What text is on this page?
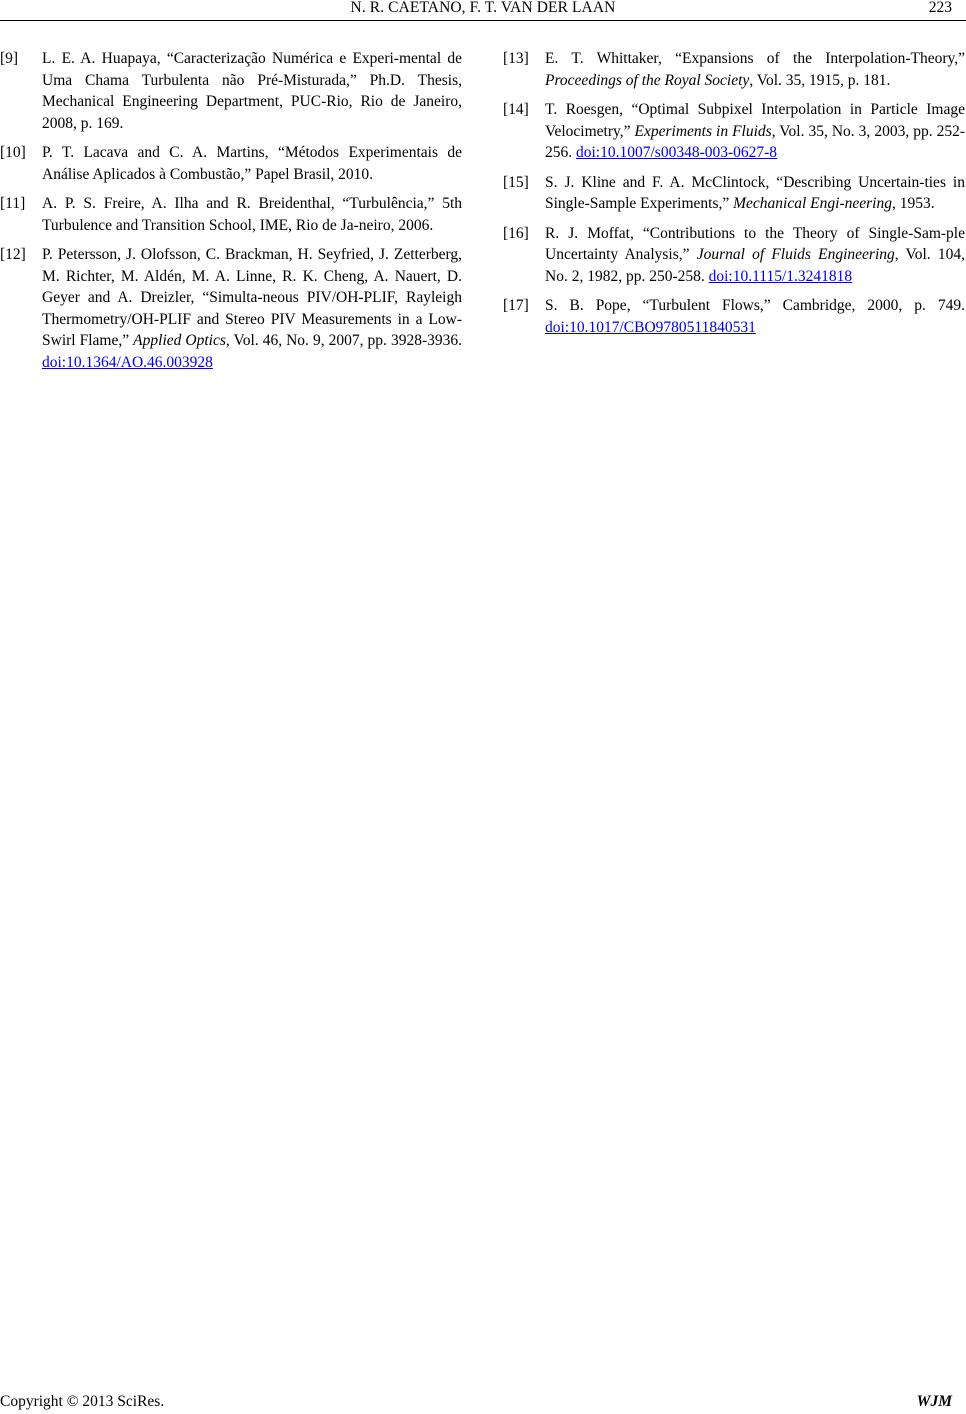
N. R. CAETANO, F. T. VAN DER LAAN	223
[9] L. E. A. Huapaya, “Caracterização Numérica e Experi-mental de Uma Chama Turbulenta não Pré-Misturada,” Ph.D. Thesis, Mechanical Engineering Department, PUC-Rio, Rio de Janeiro, 2008, p. 169.
[10] P. T. Lacava and C. A. Martins, “Métodos Experimentais de Análise Aplicados à Combustão,” Papel Brasil, 2010.
[11] A. P. S. Freire, A. Ilha and R. Breidenthal, “Turbulência,” 5th Turbulence and Transition School, IME, Rio de Ja-neiro, 2006.
[12] P. Petersson, J. Olofsson, C. Brackman, H. Seyfried, J. Zetterberg, M. Richter, M. Aldén, M. A. Linne, R. K. Cheng, A. Nauert, D. Geyer and A. Dreizler, “Simulta-neous PIV/OH-PLIF, Rayleigh Thermometry/OH-PLIF and Stereo PIV Measurements in a Low-Swirl Flame,” Applied Optics, Vol. 46, No. 9, 2007, pp. 3928-3936. doi:10.1364/AO.46.003928
[13] E. T. Whittaker, “Expansions of the Interpolation-Theory,” Proceedings of the Royal Society, Vol. 35, 1915, p. 181.
[14] T. Roesgen, “Optimal Subpixel Interpolation in Particle Image Velocimetry,” Experiments in Fluids, Vol. 35, No. 3, 2003, pp. 252-256. doi:10.1007/s00348-003-0627-8
[15] S. J. Kline and F. A. McClintock, “Describing Uncertain-ties in Single-Sample Experiments,” Mechanical Engi-neering, 1953.
[16] R. J. Moffat, “Contributions to the Theory of Single-Sam-ple Uncertainty Analysis,” Journal of Fluids Engineering, Vol. 104, No. 2, 1982, pp. 250-258. doi:10.1115/1.3241818
[17] S. B. Pope, “Turbulent Flows,” Cambridge, 2000, p. 749. doi:10.1017/CBO9780511840531
Copyright © 2013 SciRes.	WJM
